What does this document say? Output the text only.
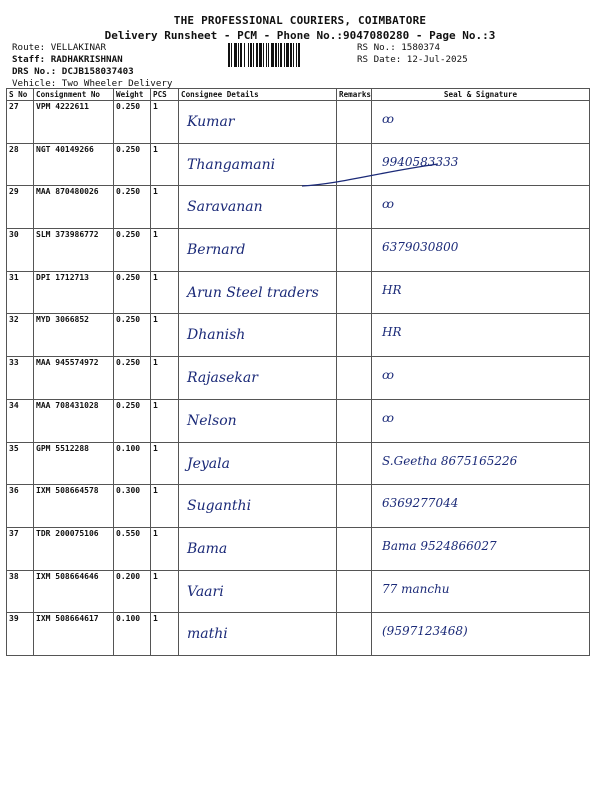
THE PROFESSIONAL COURIERS, COIMBATORE
Delivery Runsheet - PCM - Phone No.:9047080280 - Page No.:3
Route: VELLAKINAR
Staff: RADHAKRISHNAN
DRS No.: DCJB158037403
Vehicle: Two Wheeler Delivery
RS No.: 1580374
RS Date: 12-Jul-2025
S No	Consignment No	Weight	PCS	Consignee Details	Remarks	Seal & Signature
27	VPM 4222611	0.250	1	Kumar		ꝏ

28	NGT 40149266	0.250	1	Thangamani		9940583333

29	MAA 870480026	0.250	1	Saravanan		ꝏ

30	SLM 373986772	0.250	1	Bernard		6379030800

31	DPI 1712713	0.250	1	Arun Steel traders		HR

32	MYD 3066852	0.250	1	Dhanish		HR

33	MAA 945574972	0.250	1	Rajasekar		ꝏ

34	MAA 708431028	0.250	1	Nelson		ꝏ

35	GPM 5512288	0.100	1	Jeyala		S.Geetha 8675165226

36	IXM 508664578	0.300	1	Suganthi		6369277044

37	TDR 200075106	0.550	1	Bama		Bama 9524866027

38	IXM 508664646	0.200	1	Vaari		77 manchu

39	IXM 508664617	0.100	1	mathi		(9597123468)
